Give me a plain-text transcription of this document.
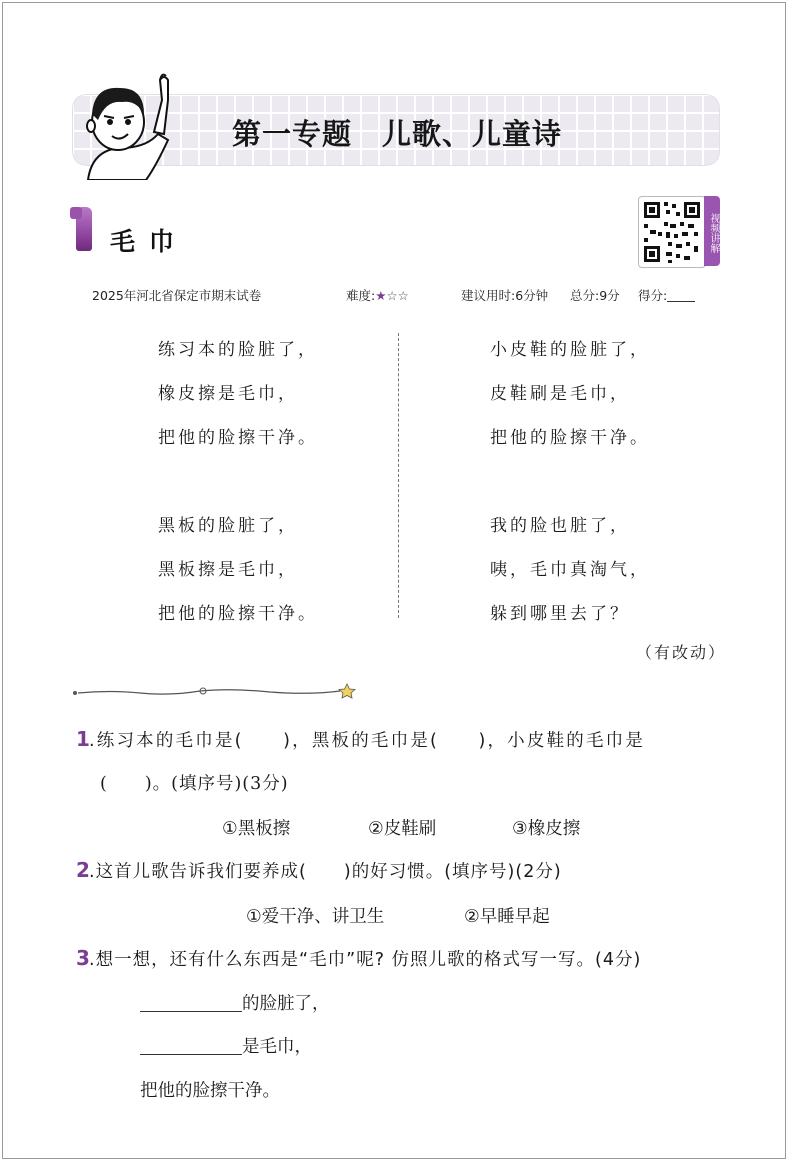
第一专题　儿歌、儿童诗
毛巾	视频讲解
2025年河北省保定市期末试卷	难度:★☆☆	建议用时:6分钟 总分:9分 得分:
练习本的脸脏了，
橡皮擦是毛巾，
把他的脸擦干净。
黑板的脸脏了，
黑板擦是毛巾，
把他的脸擦干净。
小皮鞋的脸脏了，
皮鞋刷是毛巾，
把他的脸擦干净。
我的脸也脏了，
咦，毛巾真淘气，
躲到哪里去了？
（有改动）
1 .练习本的毛巾是(　　)，黑板的毛巾是(　　)，小皮鞋的毛巾是
(　　)。(填序号)(3分)
①黑板擦	②皮鞋刷	③橡皮擦
2 .这首儿歌告诉我们要养成(　　)的好习惯。(填序号)(2分)
①爱干净、讲卫生	②早睡早起
3 .想一想，还有什么东西是“毛巾”呢? 仿照儿歌的格式写一写。(4分)
的脸脏了，
是毛巾，
把他的脸擦干净。
